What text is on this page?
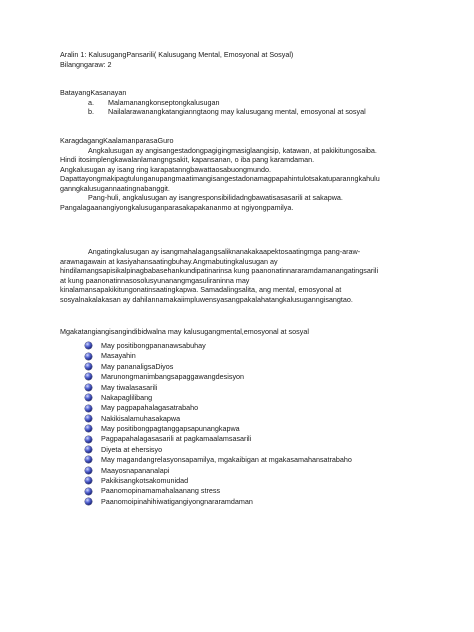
Aralin 1: KalusugangPansarili( Kalusugang Mental, Emosyonal at Sosyal)
Bilangngaraw: 2
BatayangKasanayan
a.	Malamanangkonseptongkalusugan
b.	Nailalarawanangkatangianngtaong may kalusugang mental, emosyonal at sosyal
KaragdagangKaalamanparasaGuro
Angkalusugan ay angisangestadongpagigingmasiglaangisip, katawan, at pakikitungosaiba.
Hindi itosimplengkawalanlamangngsakit, kapansanan, o iba pang karamdaman.
Angkalusugan ay isang ring karapatanngbawattaosabuongmundo.
Dapattayongmakipagtulunganupangmaatimangisangestadonamagpapahintulotsakatuparanngkahulu
ganngkalusugannaatingnabanggit.
Pang-huli, angkalusugan ay isangresponsibilidadngbawatisasasarili at sakapwa.
Pangalagaanangiyongkalusuganparasakapakananmo at ngiyongpamilya.
Angatingkalusugan ay isangmahalagangsaliknanakakaapektosaatingmga pang-araw-
arawnagawain at kasiyahansaatingbuhay.Angmabutingkalusugan ay
hindilamangsapisikalpinagbabasehankundipatinarinsa kung paanonatinnararamdamanangatingsarili
at kung paanonatinnasosolusyunanangmgasuliraninna may
kinalamansapakikitungonatinsaatingkapwa. Samadalingsalita, ang mental, emosyonal at
sosyalnakalakasan ay dahilannamakaiimpluwensyasangpakalahatangkalusuganngisangtao.
Mgakatangiangisangindibidwalna may kalusugangmental,emosyonal at sosyal
May positibongpananawsabuhay
Masayahin
May pananaligsaDiyos
Marunongmanimbangsapaggawangdesisyon
May tiwalasasarili
Nakapaglilibang
May pagpapahalagasatrabaho
Nakikisalamuhasakapwa
May positibongpagtanggapsapunangkapwa
Pagpapahalagasasarili at pagkamaalamsasarili
Diyeta at ehersisyo
May magandangrelasyonsapamilya, mgakaibigan at mgakasamahansatrabaho
Maayosnapananalapi
Pakikisangkotsakomunidad
Paanomopinamamahalaanang stress
Paanomoipinahihiwatigangiyongnararamdaman
